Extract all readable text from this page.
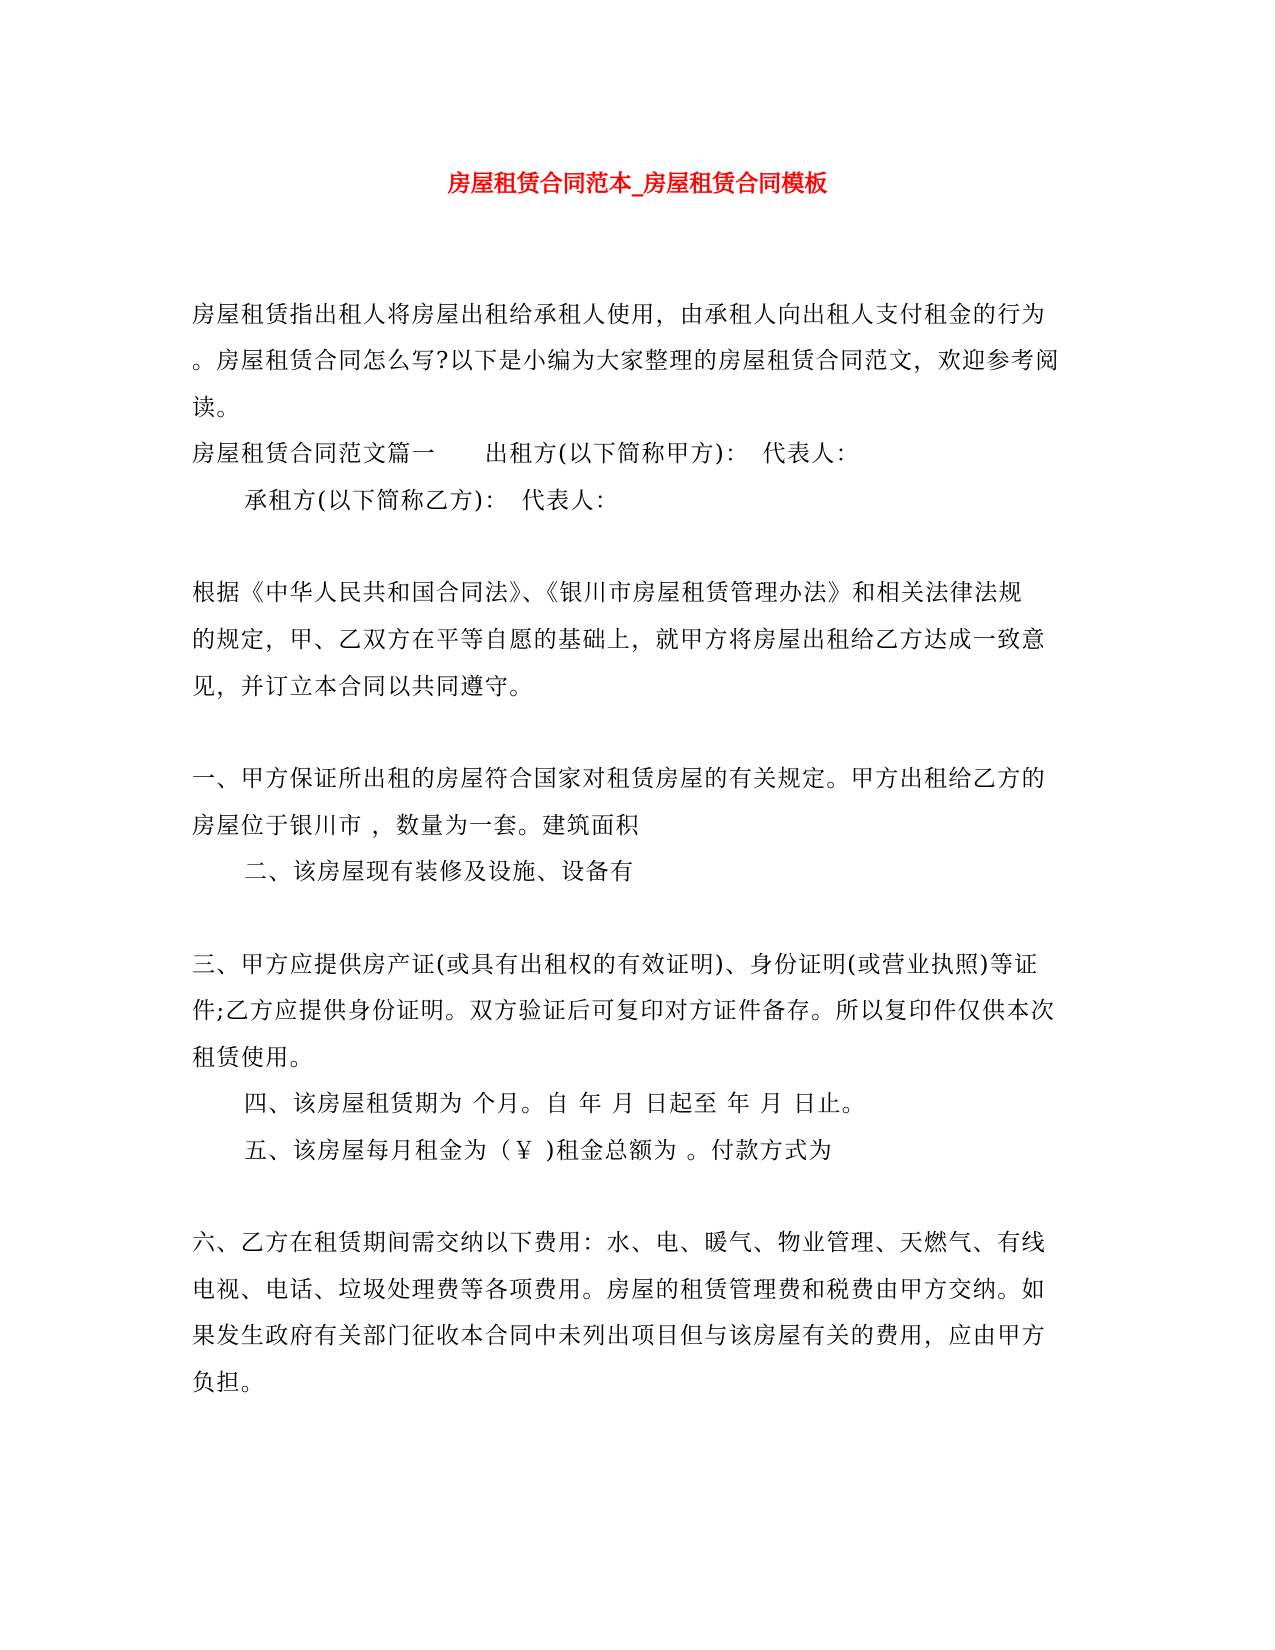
房屋租赁合同范本_房屋租赁合同模板
房屋租赁指出租人将房屋出租给承租人使用，由承租人向出租人支付租金的行为
。房屋租赁合同怎么写?以下是小编为大家整理的房屋租赁合同范文，欢迎参考阅
读。
房屋租赁合同范文篇一　　出租方(以下简称甲方)：　代表人：
承租方(以下简称乙方)：　代表人：
根据《中华人民共和国合同法》、《银川市房屋租赁管理办法》和相关法律法规
的规定，甲、乙双方在平等自愿的基础上，就甲方将房屋出租给乙方达成一致意
见，并订立本合同以共同遵守。
一、甲方保证所出租的房屋符合国家对租赁房屋的有关规定。甲方出租给乙方的
房屋位于银川市 ，数量为一套。建筑面积
二、该房屋现有装修及设施、设备有
三、甲方应提供房产证(或具有出租权的有效证明)、身份证明(或营业执照)等证
件;乙方应提供身份证明。双方验证后可复印对方证件备存。所以复印件仅供本次
租赁使用。
四、该房屋租赁期为 个月。自 年 月 日起至 年 月 日止。
五、该房屋每月租金为（￥ )租金总额为 。付款方式为
六、乙方在租赁期间需交纳以下费用：水、电、暖气、物业管理、天燃气、有线
电视、电话、垃圾处理费等各项费用。房屋的租赁管理费和税费由甲方交纳。如
果发生政府有关部门征收本合同中未列出项目但与该房屋有关的费用，应由甲方
负担。
